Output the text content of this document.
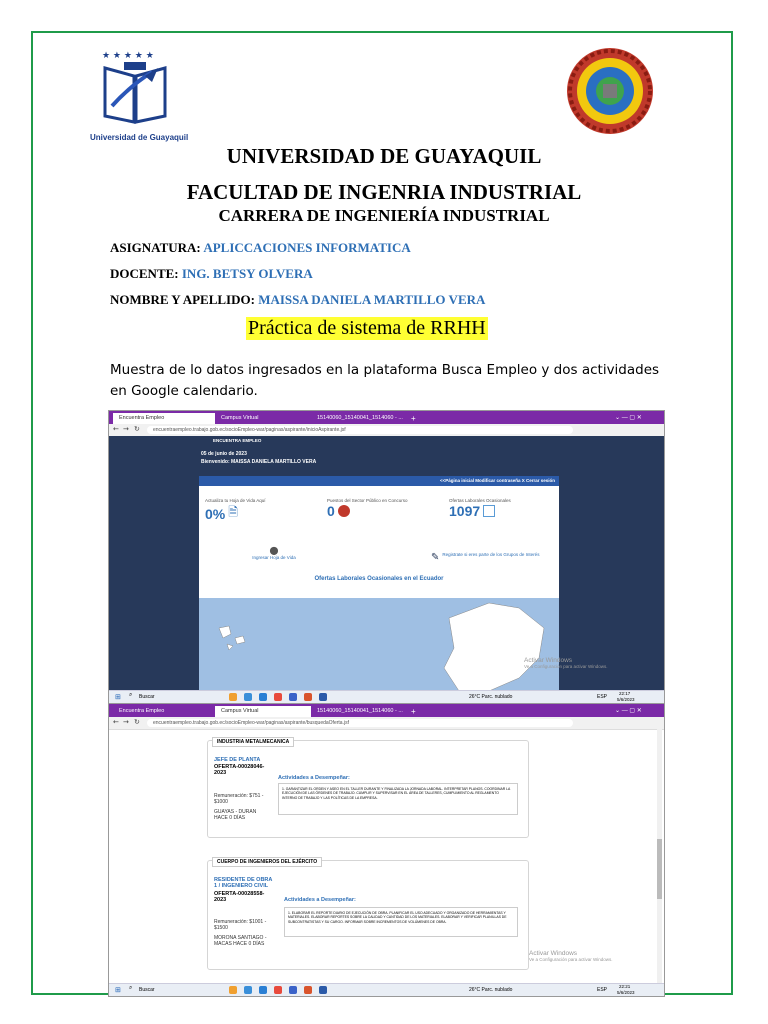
★ ★ ★ ★ ★
Universidad de Guayaquil
UNIVERSIDAD DE GUAYAQUIL
FACULTAD DE INGENRIA INDUSTRIAL
CARRERA DE INGENIERÍA INDUSTRIAL
ASIGNATURA: APLICCACIONES INFORMATICA
DOCENTE: ING. BETSY OLVERA
NOMBRE Y APELLIDO: MAISSA DANIELA MARTILLO VERA
Práctica de sistema de RRHH
Muestra de lo datos ingresados en la plataforma Busca Empleo y dos actividades en Google calendario.
Encuentra Empleo	Campus Virtual	15140060_15140041_1514060 - ...	+	⌄ — ▢ ✕
← → ↻	encuentraempleo.trabajo.gob.ec/socioEmpleo-war/paginas/aspirante/inicioAspirante.jsf
ENCUENTRA EMPLEO
05 de junio de 2023
Bienvenido: MAISSA DANIELA MARTILLO VERA
<<Página inicial Modificar contraseña X Cerrar sesión
Actualiza tu Hoja de Vida Aquí
0% 🗎
Puestos del Sector Público en Concurso
0
Ofertas Laborales Ocasionales
1097
⬤
Ingresar Hoja de Vida	✎ Registrate si eres parte de los Grupos de Interés
Ofertas Laborales Ocasionales en el Ecuador
Activar Windows
Ve a Configuración para activar Windows.
⊞ ⌕ Buscar	26°C Parc. nublado	ESP
22:17
5/6/2023
Encuentra Empleo	Campus Virtual	15140060_15140041_1514060 - ...	+	⌄ — ▢ ✕
← → ↻	encuentraempleo.trabajo.gob.ec/socioEmpleo-war/paginas/aspirante/busquedaOferta.jsf
INDUSTRIA METALMECANICA
JEFE DE PLANTA
OFERTA-00028046-2023
Actividades a Desempeñar:
1. GARANTIZAR EL ORDEN Y ASEO EN EL TALLER DURANTE Y FINALIZADA LA JORNADA LABORAL. INTERPRETAR PLANOS. COORDINAR LA EJECUCIÓN DE LAS ÓRDENES DE TRABAJO. CUMPLIR Y SUPERVISAR EN EL ÁREA DE TALLERES, CUMPLIMIENTO AL REGLAMENTO INTERNO DE TRABAJO Y LAS POLÍTICAS DE LA EMPRESA.
Remuneración: $751 - $1000
GUAYAS - DURAN HACE 0 DÍAS
CUERPO DE INGENIEROS DEL EJÉRCITO
RESIDENTE DE OBRA 1 / INGENIERO CIVIL
OFERTA-00028558-2023	Actividades a Desempeñar:
1. ELABORAR EL REPORTE DIARIO DE EJECUCIÓN DE OBRA. PLANIFICAR EL USO ADECUADO Y ORGANIZADO DE HERRAMIENTAS Y MATERIALES. ELABORAR REPORTES SOBRE LA CALIDAD Y CANTIDAD DE LOS MATERIALES. ELABORAR Y VERIFICAR PLANILLAS DE SUBCONTRATISTAS Y SU CARGO. INFORMAR SOBRE INCREMENTOS DE VOLÚMENES DE OBRA.
Remuneración: $1001 - $1500
MORONA SANTIAGO - MACAS HACE 0 DÍAS
Activar Windows
Ve a Configuración para activar Windows.
⊞ ⌕ Buscar	26°C Parc. nublado	ESP
22:21
5/6/2023
